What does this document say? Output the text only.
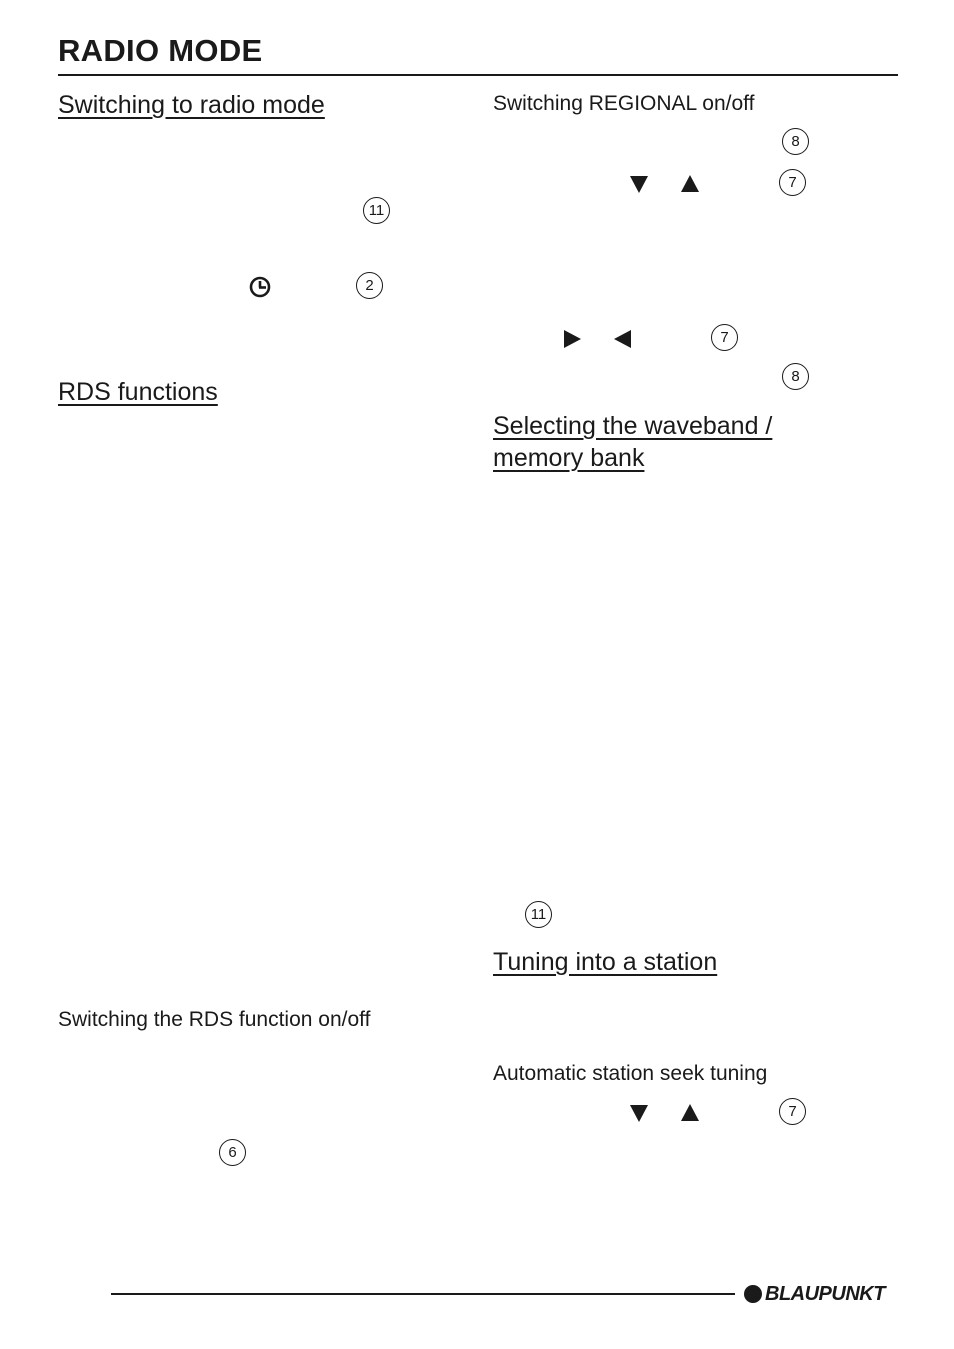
RADIO MODE
Switching to radio mode
11
2
RDS functions
Switching the RDS function on/off
6
Switching REGIONAL on/off
8
7
7
8
Selecting the waveband /
memory bank
11
Tuning into a station
Automatic station seek tuning
7
BLAUPUNKT
